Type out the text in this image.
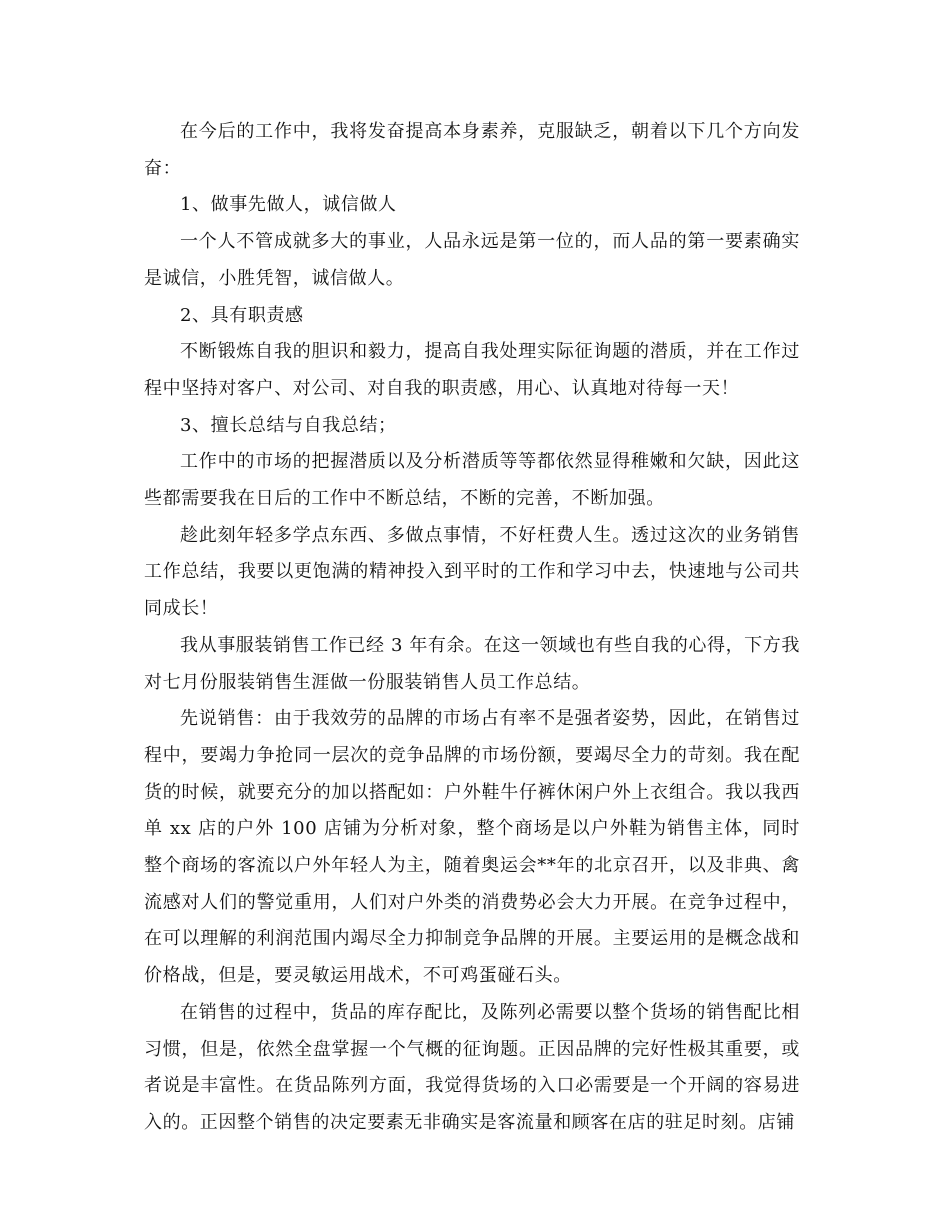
在今后的工作中，我将发奋提高本身素养，克服缺乏，朝着以下几个方向发奋：

1、做事先做人，诚信做人

一个人不管成就多大的事业，人品永远是第一位的，而人品的第一要素确实是诚信，小胜凭智，诚信做人。

2、具有职责感

不断锻炼自我的胆识和毅力，提高自我处理实际征询题的潜质，并在工作过程中坚持对客户、对公司、对自我的职责感，用心、认真地对待每一天！

3、擅长总结与自我总结；

工作中的市场的把握潜质以及分析潜质等等都依然显得稚嫩和欠缺，因此这些都需要我在日后的工作中不断总结，不断的完善，不断加强。

趁此刻年轻多学点东西、多做点事情，不好枉费人生。透过这次的业务销售工作总结，我要以更饱满的精神投入到平时的工作和学习中去，快速地与公司共同成长！

我从事服装销售工作已经 3 年有余。在这一领域也有些自我的心得，下方我对七月份服装销售生涯做一份服装销售人员工作总结。

先说销售：由于我效劳的品牌的市场占有率不是强者姿势，因此，在销售过程中，要竭力争抢同一层次的竞争品牌的市场份额，要竭尽全力的苛刻。我在配货的时候，就要充分的加以搭配如：户外鞋牛仔裤休闲户外上衣组合。我以我西单 xx 店的户外 100 店铺为分析对象，整个商场是以户外鞋为销售主体，同时整个商场的客流以户外年轻人为主，随着奥运会**年的北京召开，以及非典、禽流感对人们的警觉重用，人们对户外类的消费势必会大力开展。在竞争过程中，在可以理解的利润范围内竭尽全力抑制竞争品牌的开展。主要运用的是概念战和价格战，但是，要灵敏运用战术，不可鸡蛋碰石头。

在销售的过程中，货品的库存配比，及陈列必需要以整个货场的销售配比相习惯，但是，依然全盘掌握一个气概的征询题。正因品牌的完好性极其重要，或者说是丰富性。在货品陈列方面，我觉得货场的入口必需要是一个开阔的容易进入的。正因整个销售的决定要素无非确实是客流量和顾客在店的驻足时刻。店铺
